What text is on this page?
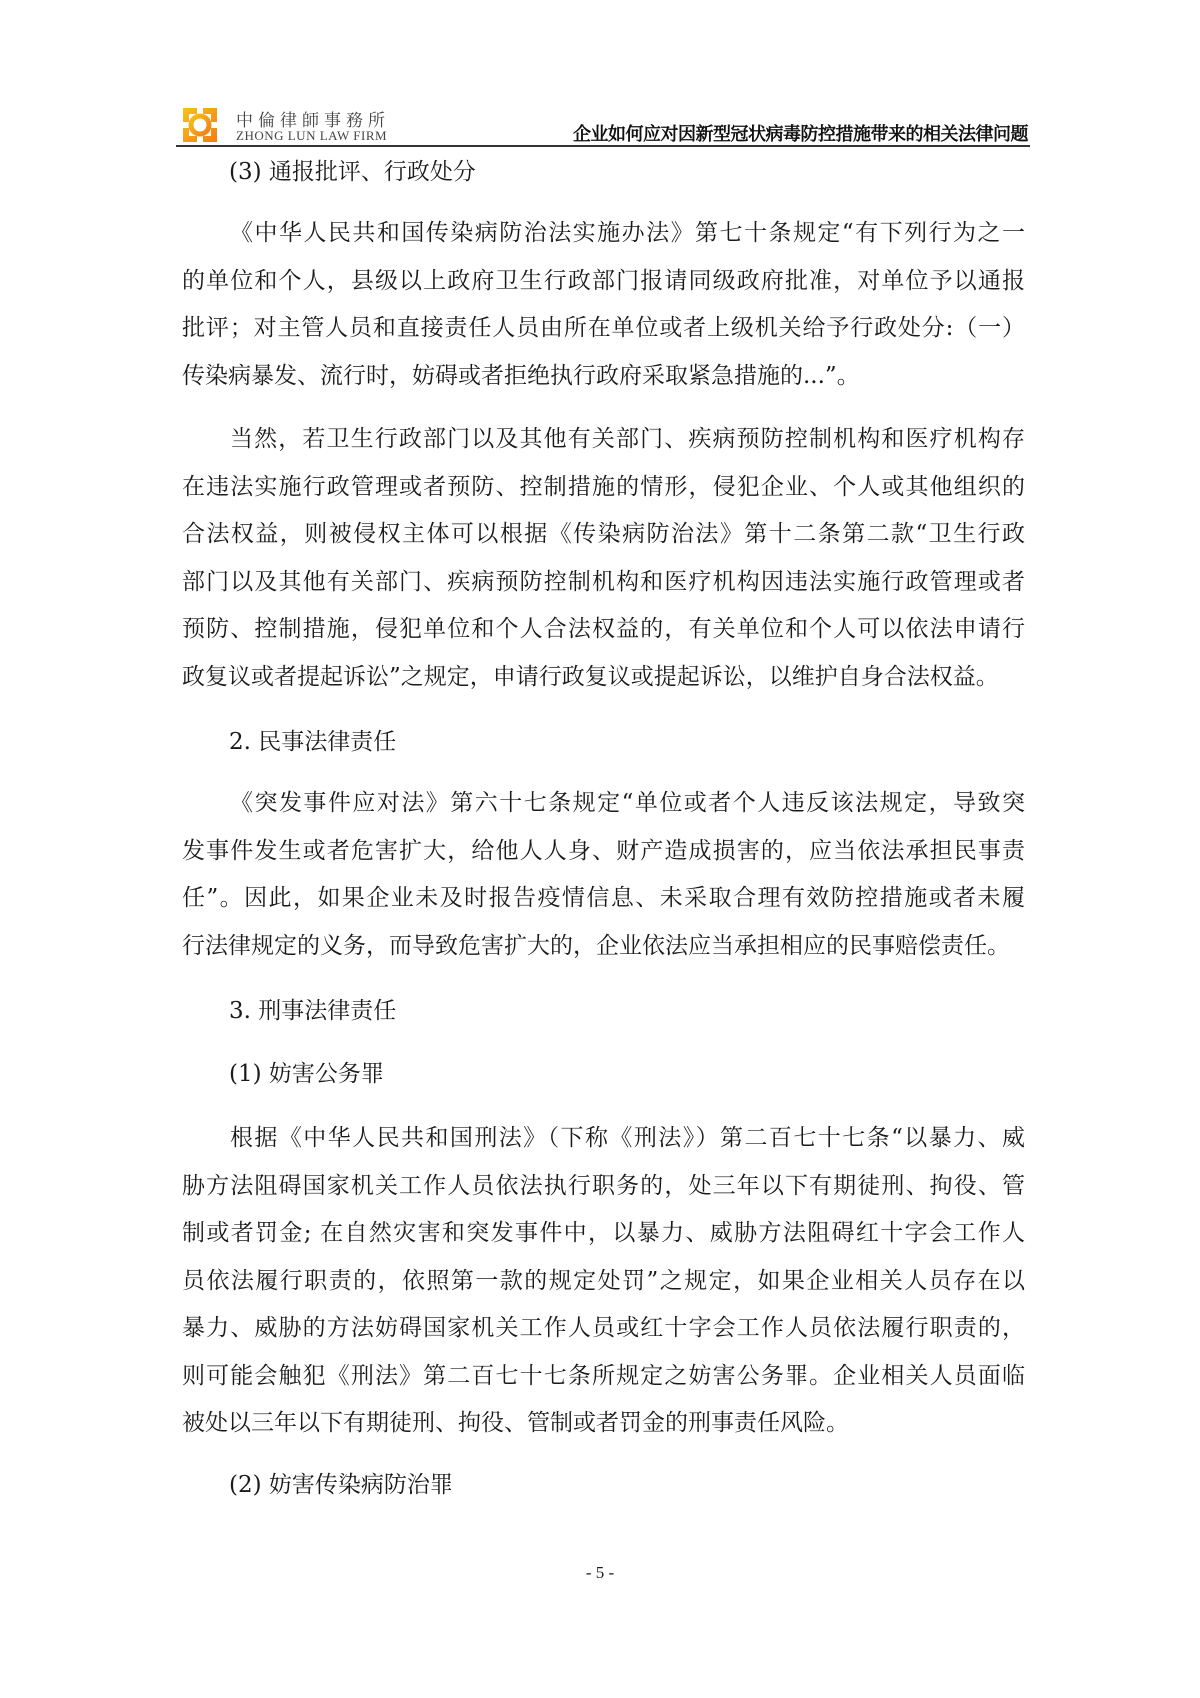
中倫律師事務所
ZHONG LUN LAW FIRM	企业如何应对因新型冠状病毒防控措施带来的相关法律问题
(3) 通报批评、行政处分
《中华人民共和国传染病防治法实施办法》第七十条规定“有下列行为之一
的单位和个人，县级以上政府卫生行政部门报请同级政府批准，对单位予以通报
批评；对主管人员和直接责任人员由所在单位或者上级机关给予行政处分:（一）
传染病暴发、流行时，妨碍或者拒绝执行政府采取紧急措施的...”。
当然，若卫生行政部门以及其他有关部门、疾病预防控制机构和医疗机构存
在违法实施行政管理或者预防、控制措施的情形，侵犯企业、个人或其他组织的
合法权益，则被侵权主体可以根据《传染病防治法》第十二条第二款“卫生行政
部门以及其他有关部门、疾病预防控制机构和医疗机构因违法实施行政管理或者
预防、控制措施，侵犯单位和个人合法权益的，有关单位和个人可以依法申请行
政复议或者提起诉讼”之规定，申请行政复议或提起诉讼，以维护自身合法权益。
2. 民事法律责任
《突发事件应对法》第六十七条规定“单位或者个人违反该法规定，导致突
发事件发生或者危害扩大，给他人人身、财产造成损害的，应当依法承担民事责
任”。因此，如果企业未及时报告疫情信息、未采取合理有效防控措施或者未履
行法律规定的义务，而导致危害扩大的，企业依法应当承担相应的民事赔偿责任。
3. 刑事法律责任
(1) 妨害公务罪
根据《中华人民共和国刑法》（下称《刑法》）第二百七十七条“以暴力、威
胁方法阻碍国家机关工作人员依法执行职务的，处三年以下有期徒刑、拘役、管
制或者罚金; 在自然灾害和突发事件中，以暴力、威胁方法阻碍红十字会工作人
员依法履行职责的，依照第一款的规定处罚”之规定，如果企业相关人员存在以
暴力、威胁的方法妨碍国家机关工作人员或红十字会工作人员依法履行职责的，
则可能会触犯《刑法》第二百七十七条所规定之妨害公务罪。企业相关人员面临
被处以三年以下有期徒刑、拘役、管制或者罚金的刑事责任风险。
(2) 妨害传染病防治罪
- 5 -
